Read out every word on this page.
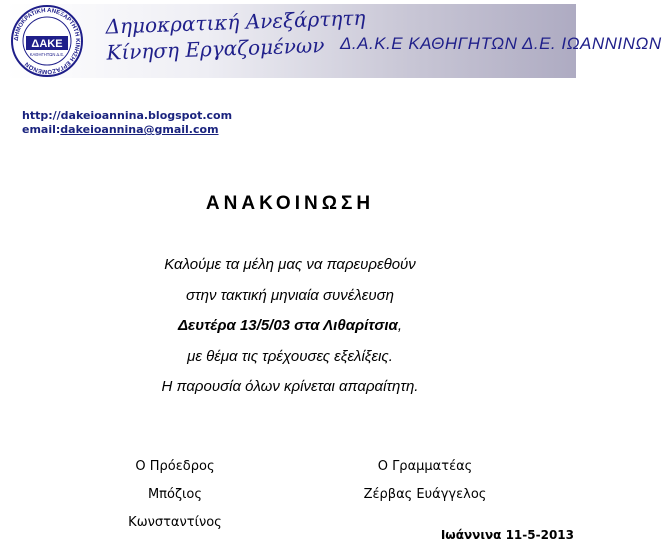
ΔΗΜΟΚΡΑΤΙΚΗ ΑΝΕΞΑΡΤΗΤΗ ΚΙΝΗΣΗ ΕΡΓΑΖΟΜΕΝΩΝ
ΔΑΚΕ
ΚΑΘΗΓΗΤΩΝ Δ.Ε.
Δημοκρατική Ανεξάρτητη
Κίνηση Εργαζομένων Δ.Α.Κ.Ε ΚΑΘΗΓΗΤΩΝ Δ.Ε. ΙΩΑΝΝΙΝΩΝ
http://dakeioannina.blogspot.com
email:dakeioannina@gmail.com
ΑΝΑΚΟΙΝΩΣΗ
Καλούμε τα μέλη μας να παρευρεθούν
στην τακτική μηνιαία συνέλευση
Δευτέρα 13/5/03 στα Λιθαρίτσια,
με θέμα τις τρέχουσες εξελίξεις.
Η παρουσία όλων κρίνεται απαραίτητη.
Ο Πρόεδρος
Μπόζιος Κωνσταντίνος
Ο Γραμματέας
Ζέρβας Ευάγγελος
Ιωάννινα 11-5-2013
